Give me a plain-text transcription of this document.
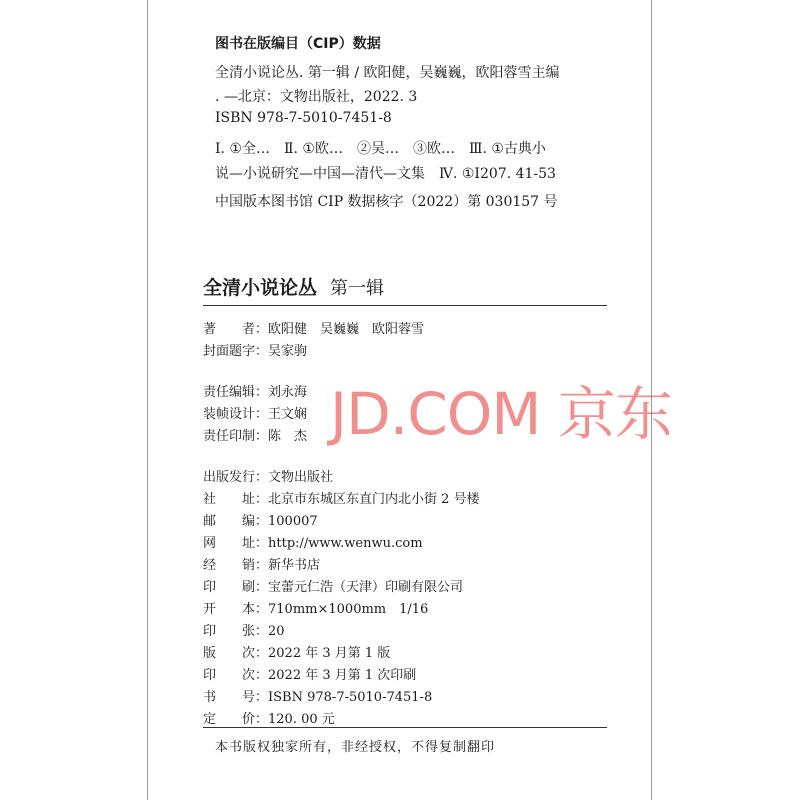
图书在版编目（CIP）数据
全清小说论丛. 第一辑 / 欧阳健，吴巍巍，欧阳蓉雪主编
. —北京：文物出版社，2022. 3
ISBN 978-7-5010-7451-8
Ⅰ. ①全…　Ⅱ. ①欧…　②吴…　③欧…　Ⅲ. ①古典小
说—小说研究—中国—清代—文集　Ⅳ. ①I207. 41-53
中国版本图书馆 CIP 数据核字（2022）第 030157 号
全清小说论丛 第一辑
著　　者：欧阳健　吴巍巍　欧阳蓉雪
封面题字：吴家驹
责任编辑：刘永海
装帧设计：王文娴
责任印制：陈　杰
出版发行：文物出版社
社　　址：北京市东城区东直门内北小街 2 号楼
邮　　编：100007
网　　址：http://www.wenwu.com
经　　销：新华书店
印　　刷：宝蕾元仁浩（天津）印刷有限公司
开　　本：710mm×1000mm　1/16
印　　张：20
版　　次：2022 年 3 月第 1 版
印　　次：2022 年 3 月第 1 次印刷
书　　号：ISBN 978-7-5010-7451-8
定　　价：120. 00 元
本书版权独家所有，非经授权，不得复制翻印
JD.COM 京东
